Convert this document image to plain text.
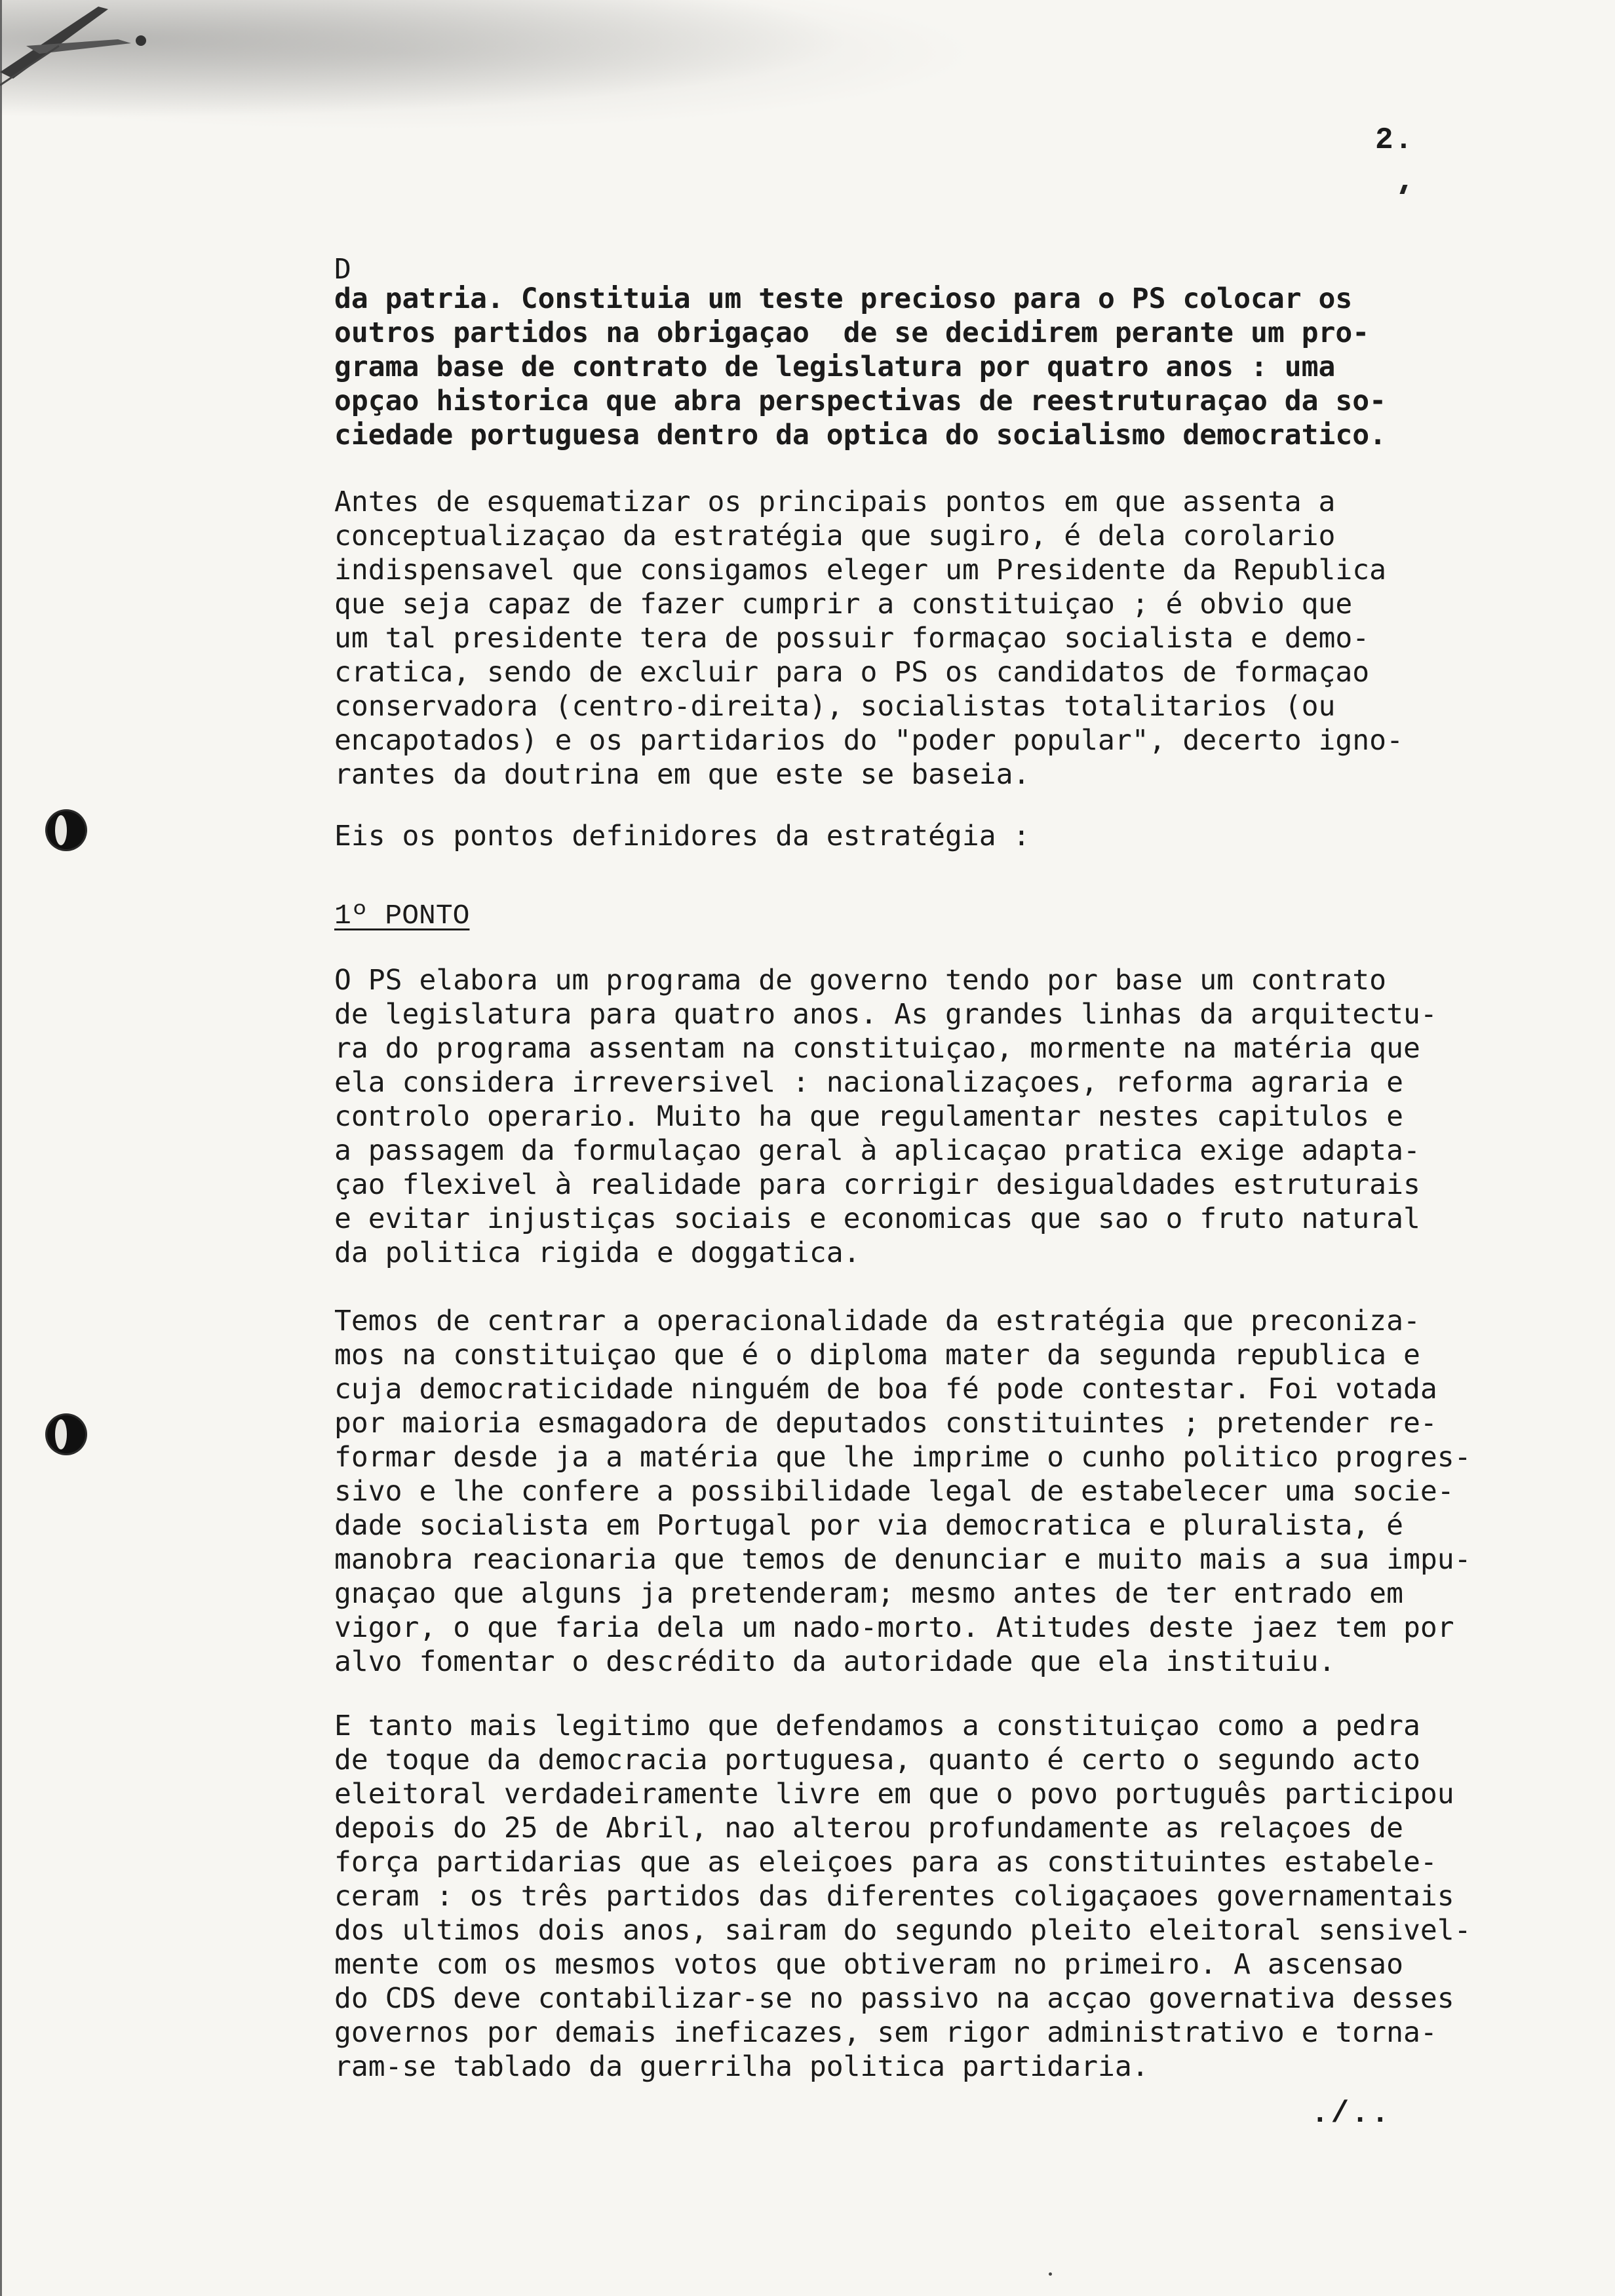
2.
D
da patria. Constituia um teste precioso para o PS colocar os
outros partidos na obrigaçao  de se decidirem perante um pro-
grama base de contrato de legislatura por quatro anos : uma
opçao historica que abra perspectivas de reestruturaçao da so-
ciedade portuguesa dentro da optica do socialismo democratico.
Antes de esquematizar os principais pontos em que assenta a
conceptualizaçao da estratégia que sugiro, é dela corolario
indispensavel que consigamos eleger um Presidente da Republica
que seja capaz de fazer cumprir a constituiçao ; é obvio que
um tal presidente tera de possuir formaçao socialista e demo-
cratica, sendo de excluir para o PS os candidatos de formaçao
conservadora (centro-direita), socialistas totalitarios (ou
encapotados) e os partidarios do "poder popular", decerto igno-
rantes da doutrina em que este se baseia.
Eis os pontos definidores da estratégia :
1º PONTO
O PS elabora um programa de governo tendo por base um contrato
de legislatura para quatro anos. As grandes linhas da arquitectu-
ra do programa assentam na constituiçao, mormente na matéria que
ela considera irreversivel : nacionalizaçoes, reforma agraria e
controlo operario. Muito ha que regulamentar nestes capitulos e
a passagem da formulaçao geral à aplicaçao pratica exige adapta-
çao flexivel à realidade para corrigir desigualdades estruturais
e evitar injustiças sociais e economicas que sao o fruto natural
da politica rigida e doggatica.
Temos de centrar a operacionalidade da estratégia que preconiza-
mos na constituiçao que é o diploma mater da segunda republica e
cuja democraticidade ninguém de boa fé pode contestar. Foi votada
por maioria esmagadora de deputados constituintes ; pretender re-
formar desde ja a matéria que lhe imprime o cunho politico progres-
sivo e lhe confere a possibilidade legal de estabelecer uma socie-
dade socialista em Portugal por via democratica e pluralista, é
manobra reacionaria que temos de denunciar e muito mais a sua impu-
gnaçao que alguns ja pretenderam; mesmo antes de ter entrado em
vigor, o que faria dela um nado-morto. Atitudes deste jaez tem por
alvo fomentar o descrédito da autoridade que ela instituiu.
E tanto mais legitimo que defendamos a constituiçao como a pedra
de toque da democracia portuguesa, quanto é certo o segundo acto
eleitoral verdadeiramente livre em que o povo português participou
depois do 25 de Abril, nao alterou profundamente as relaçoes de
força partidarias que as eleiçoes para as constituintes estabele-
ceram : os três partidos das diferentes coligaçaoes governamentais
dos ultimos dois anos, sairam do segundo pleito eleitoral sensivel-
mente com os mesmos votos que obtiveram no primeiro. A ascensao
do CDS deve contabilizar-se no passivo na acçao governativa desses
governos por demais ineficazes, sem rigor administrativo e torna-
ram-se tablado da guerrilha politica partidaria.
./..
